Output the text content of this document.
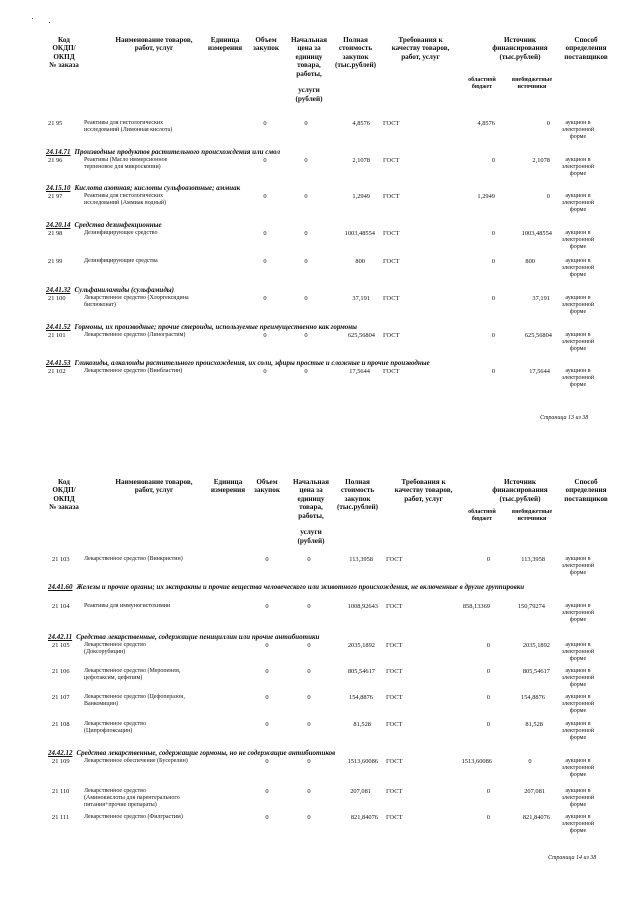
Код
ОКДП/
ОКПД
№ заказа
Наименование товаров,
работ, услуг
Единица
измерения
Объем
закупок
Начальная
цена за
единицу
товара,
работы,

услуги
(рублей)
Полная
стоимость
закупок
(тыс.рублей)
Требования к
качеству товаров,
работ, услуг
Источник
финансирования
(тыс.рублей)
областной
бюджет
внебюджетные
источники
Способ
определения
поставщиков
24.14.71 Производные продуктов растительного происхождения или смол
24.15.10 Кислота азотная; кислоты сульфоазотные; аммиак
24.20.14 Средства дезинфекционные
24.41.32 Сульфаниламиды (сульфамиды)
24.41.52 Гормоны, их производные; прочие стероиды, используемые преимущественно как гормоны
24.41.53 Гликозиды, алкалоиды растительного происхождения, их соли, эфиры простые и сложные и прочие производные
21 95	Реактивы для гистологических
исследований (Лимонная кислота)
0	0	4,8576 ГОСТ	4,8576	0	аукцион в
электронной
форме
21 96	Реактивы (Масло иммерсионное
терпеновое для микроскопии)
0	0	2,1078 ГОСТ	0	2,1078	аукцион в
электронной
форме
21 97	Реактивы для гистологических
исследований (Аммиак водный)
0	0	1,2949 ГОСТ	1,2949	0	аукцион в
электронной
форме
21 98	Дезинфицирующее средство	0	0	1003,48554 ГОСТ	0	1003,48554	аукцион в
электронной
форме
21 99	Дезинфицирующие средства	0	0	800	ГОСТ	0	800	аукцион в
электронной
форме
21 100	Лекарственное средство (Хлоргексидина
биглюконат)
0	0	37,191 ГОСТ	0	37,191	аукцион в
электронной
форме
21 101	Лекарственное средство (Линограстим)	0	0	625,56804 ГОСТ	0	625,56804	аукцион в
электронной
форме
21 102	Лекарственное средство (Винбластин)	0	0	17,5644 ГОСТ	0	17,5644	аукцион в
электронной
форме
Страница 13 из 38
Код
ОКДП/
ОКПД
№ заказа
Наименование товаров,
работ, услуг
Единица
измерения
Объем
закупок
Начальная
цена за
единицу
товара,
работы,

услуги
(рублей)
Полная
стоимость
закупок
(тыс.рублей)
Требования к
качеству товаров,
работ, услуг
Источник
финансирования
(тыс.рублей)
областной
бюджет
внебюджетные
источники
Способ
определения
поставщиков
24.41.60 Железы и прочие органы; их экстракты и прочие вещества человеческого или животного происхождения, не включенные в другие группировки
24.42.11 Средства лекарственные, содержащие пенициллин или прочие антибиотики
24.42.12 Средства лекарственные, содержащие гормоны, но не содержащие антибиотиков
21 103 Лекарственное средство (Винкристин)	0	0	113,3958 ГОСТ	0	113,3958	аукцион в
электронной
форме
21 104 Реактивы для иммуногистохимии	0	0	1008,92643 ГОСТ	858,13369	150,79274	аукцион в
электронной
форме
21 105 Лекарственное средство
(Доксорубицин)
0	0	2035,1892 ГОСТ	0	2035,1892	аукцион в
электронной
форме
21 106 Лекарственное средство (Меропенем,
цефотаксим, цефепим)
0	0	805,54617 ГОСТ	0	805,54617	аукцион в
электронной
форме
21 107 Лекарственное средство (Цефоперазон,
Ванкомицин)
0	0	154,8876 ГОСТ	0	154,8876	аукцион в
электронной
форме
21 108 Лекарственное средство
(Ципрофлоксацин)
0	0	81,528 ГОСТ	0	81,528	аукцион в
электронной
форме
21 109 Лекарственное обеспечение (Бусерелин)	0	0	1513,60086 ГОСТ	1513,60086	0	аукцион в
электронной
форме
21 110 Лекарственное средство
(Аминокислоты для парентерального
питания+прочие препараты)
0	0	207,081 ГОСТ	0	207,081	аукцион в
электронной
форме
21 111 Лекарственное средство (Филграстим)	0	0	821,84076 ГОСТ	0	821,84076	аукцион в
электронной
форме
Страница 14 из 38
